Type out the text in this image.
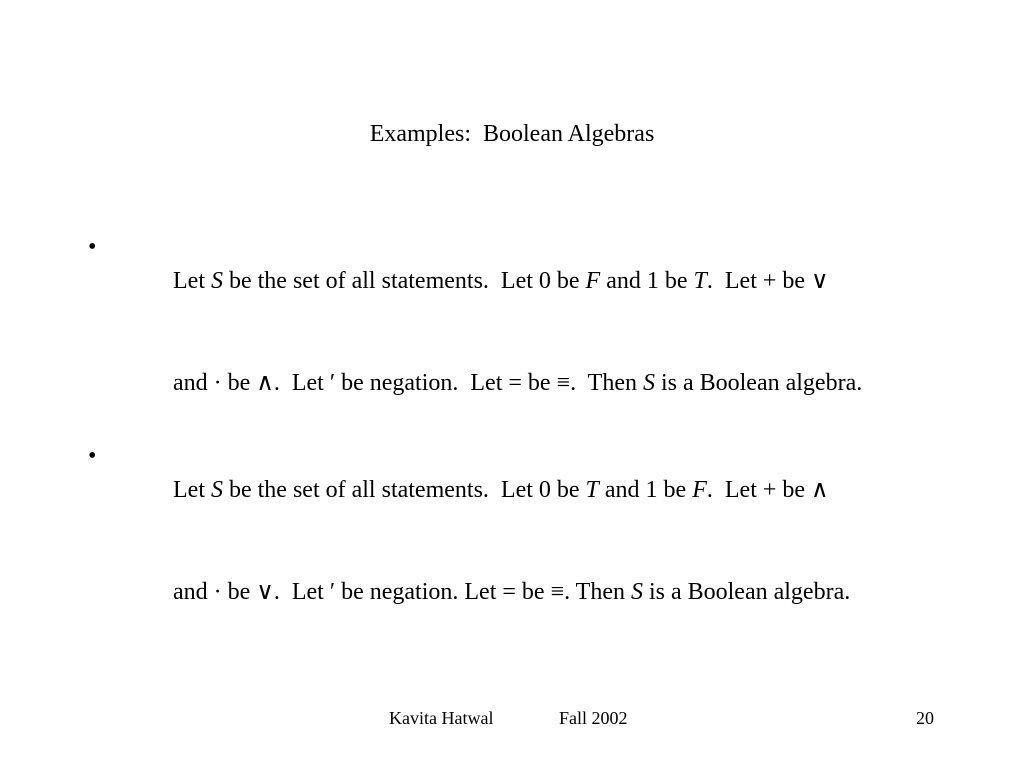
Examples:  Boolean Algebras
•

Let S be the set of all statements.  Let 0 be F and 1 be T.  Let + be ∨

and · be ∧.  Let ′ be negation.  Let = be ≡.  Then S is a Boolean algebra.

•

Let S be the set of all statements.  Let 0 be T and 1 be F.  Let + be ∧

and · be ∨.  Let ′ be negation. Let = be ≡. Then S is a Boolean algebra.

Kavita Hatwal	Fall 2002	20
